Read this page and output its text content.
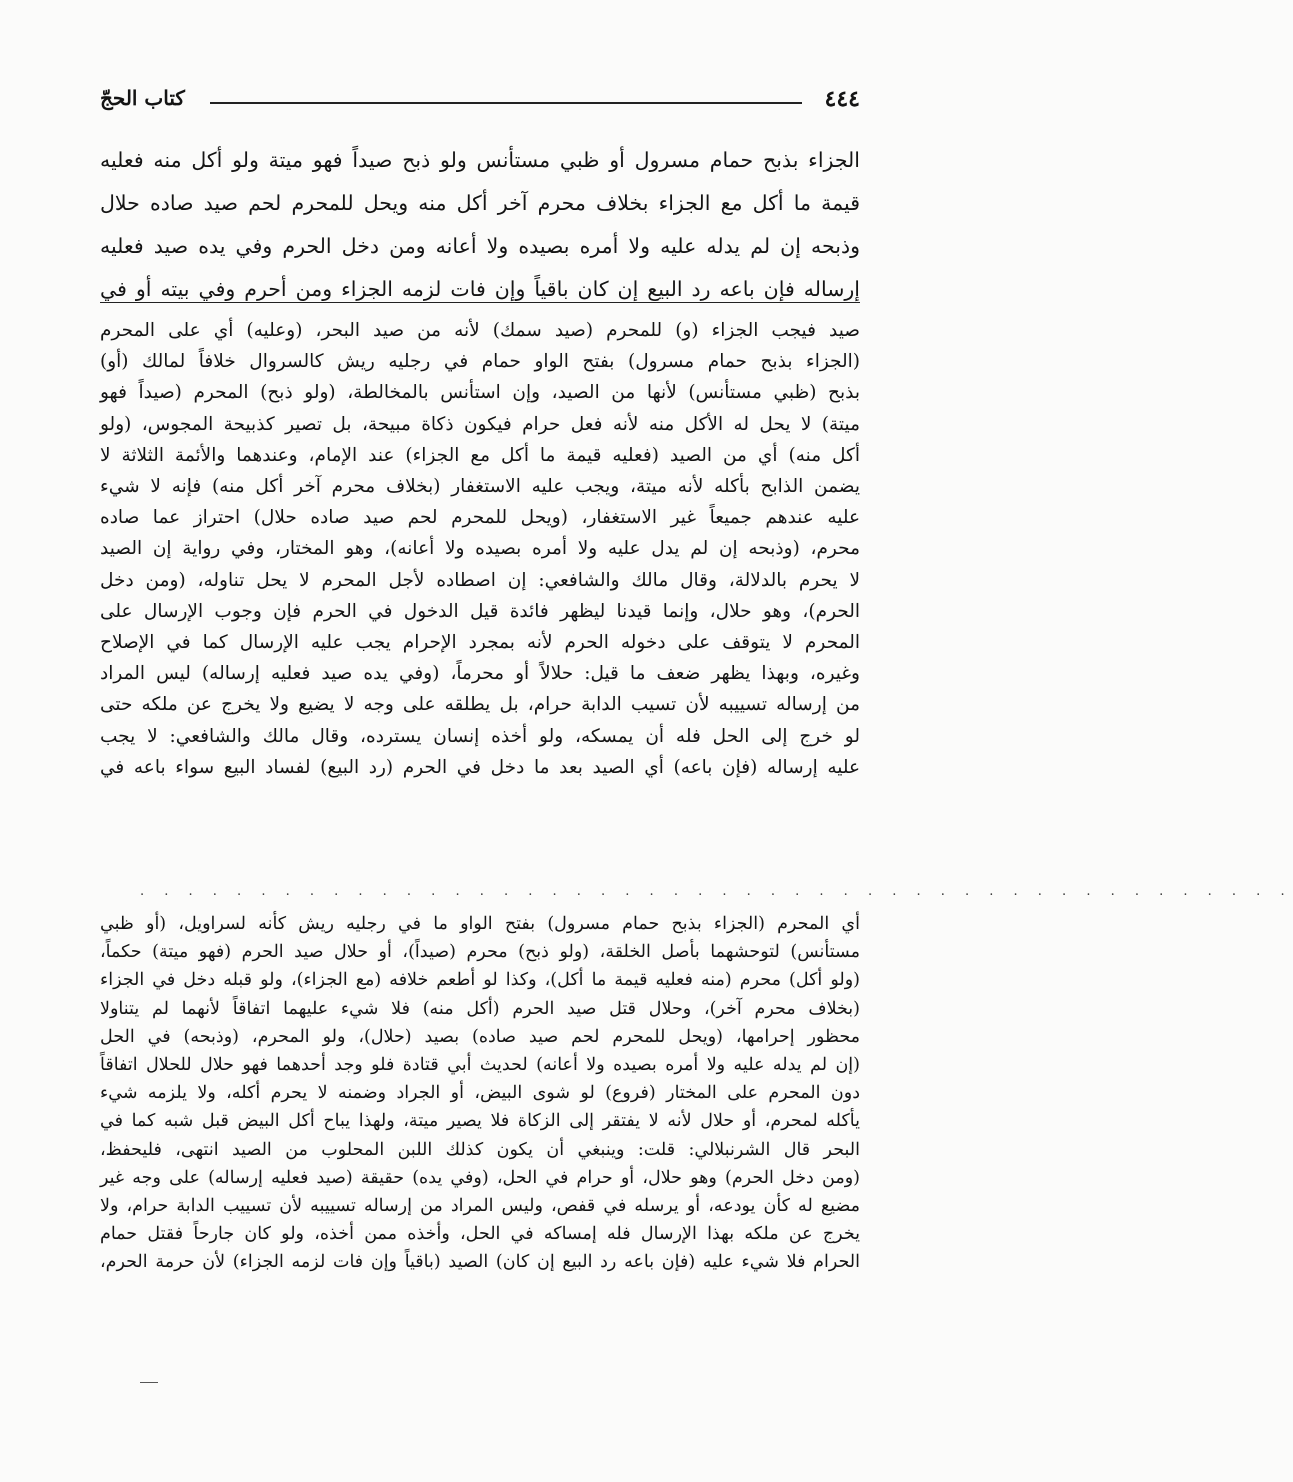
٤٤٤
كتاب الحجّ

الجزاء بذبح حمام مسرول أو ظبي مستأنس ولو ذبح صيداً فهو ميتة ولو أكل منه فعليه

قيمة ما أكل مع الجزاء بخلاف محرم آخر أكل منه ويحل للمحرم لحم صيد صاده حلال

وذبحه إن لم يدله عليه ولا أمره بصيده ولا أعانه ومن دخل الحرم وفي يده صيد فعليه

إرساله فإن باعه رد البيع إن كان باقياً وإن فات لزمه الجزاء ومن أحرم وفي بيته أو في

صيد فيجب الجزاء (و) للمحرم (صيد سمك) لأنه من صيد البحر، (وعليه) أي على المحرم

(الجزاء بذبح حمام مسرول) بفتح الواو حمام في رجليه ريش كالسروال خلافاً لمالك (أو)

بذبح (ظبي مستأنس) لأنها من الصيد، وإن استأنس بالمخالطة، (ولو ذبح) المحرم (صيداً فهو

ميتة) لا يحل له الأكل منه لأنه فعل حرام فيكون ذكاة مبيحة، بل تصير كذبيحة المجوس، (ولو

أكل منه) أي من الصيد (فعليه قيمة ما أكل مع الجزاء) عند الإمام، وعندهما والأئمة الثلاثة لا

يضمن الذابح بأكله لأنه ميتة، ويجب عليه الاستغفار (بخلاف محرم آخر أكل منه) فإنه لا شيء

عليه عندهم جميعاً غير الاستغفار، (ويحل للمحرم لحم صيد صاده حلال) احتراز عما صاده

محرم، (وذبحه إن لم يدل عليه ولا أمره بصيده ولا أعانه)، وهو المختار، وفي رواية إن الصيد

لا يحرم بالدلالة، وقال مالك والشافعي: إن اصطاده لأجل المحرم لا يحل تناوله، (ومن دخل

الحرم)، وهو حلال، وإنما قيدنا ليظهر فائدة قيل الدخول في الحرم فإن وجوب الإرسال على

المحرم لا يتوقف على دخوله الحرم لأنه بمجرد الإحرام يجب عليه الإرسال كما في الإصلاح

وغيره، وبهذا يظهر ضعف ما قيل: حلالاً أو محرماً، (وفي يده صيد فعليه إرساله) ليس المراد

من إرساله تسييبه لأن تسيب الدابة حرام، بل يطلقه على وجه لا يضيع ولا يخرج عن ملكه حتى

لو خرج إلى الحل فله أن يمسكه، ولو أخذه إنسان يسترده، وقال مالك والشافعي: لا يجب

عليه إرساله (فإن باعه) أي الصيد بعد ما دخل في الحرم (رد البيع) لفساد البيع سواء باعه في

. . . . . . . . . . . . . . . . . . . . . . . . . . . . . . . . . . . . . . . . . . . . . . . .

أي المحرم (الجزاء بذبح حمام مسرول) بفتح الواو ما في رجليه ريش كأنه لسراويل، (أو ظبي

مستأنس) لتوحشهما بأصل الخلقة، (ولو ذبح) محرم (صيداً)، أو حلال صيد الحرم (فهو ميتة) حكماً،

(ولو أكل) محرم (منه فعليه قيمة ما أكل)، وكذا لو أطعم خلافه (مع الجزاء)، ولو قبله دخل في الجزاء

(بخلاف محرم آخر)، وحلال قتل صيد الحرم (أكل منه) فلا شيء عليهما اتفاقاً لأنهما لم يتناولا

محظور إحرامها، (ويحل للمحرم لحم صيد صاده) بصيد (حلال)، ولو المحرم، (وذبحه) في الحل

(إن لم يدله عليه ولا أمره بصيده ولا أعانه) لحديث أبي قتادة فلو وجد أحدهما فهو حلال للحلال اتفاقاً

دون المحرم على المختار (فروع) لو شوى البيض، أو الجراد وضمنه لا يحرم أكله، ولا يلزمه شيء

يأكله لمحرم، أو حلال لأنه لا يفتقر إلى الزكاة فلا يصير ميتة، ولهذا يباح أكل البيض قبل شبه كما في

البحر قال الشرنبلالي: قلت: وينبغي أن يكون كذلك اللبن المحلوب من الصيد انتهى، فليحفظ،

(ومن دخل الحرم) وهو حلال، أو حرام في الحل، (وفي يده) حقيقة (صيد فعليه إرساله) على وجه غير

مضيع له كأن يودعه، أو يرسله في قفص، وليس المراد من إرساله تسييبه لأن تسييب الدابة حرام، ولا

يخرج عن ملكه بهذا الإرسال فله إمساكه في الحل، وأخذه ممن أخذه، ولو كان جارحاً فقتل حمام

الحرام فلا شيء عليه (فإن باعه رد البيع إن كان) الصيد (باقياً وإن فات لزمه الجزاء) لأن حرمة الحرم،
